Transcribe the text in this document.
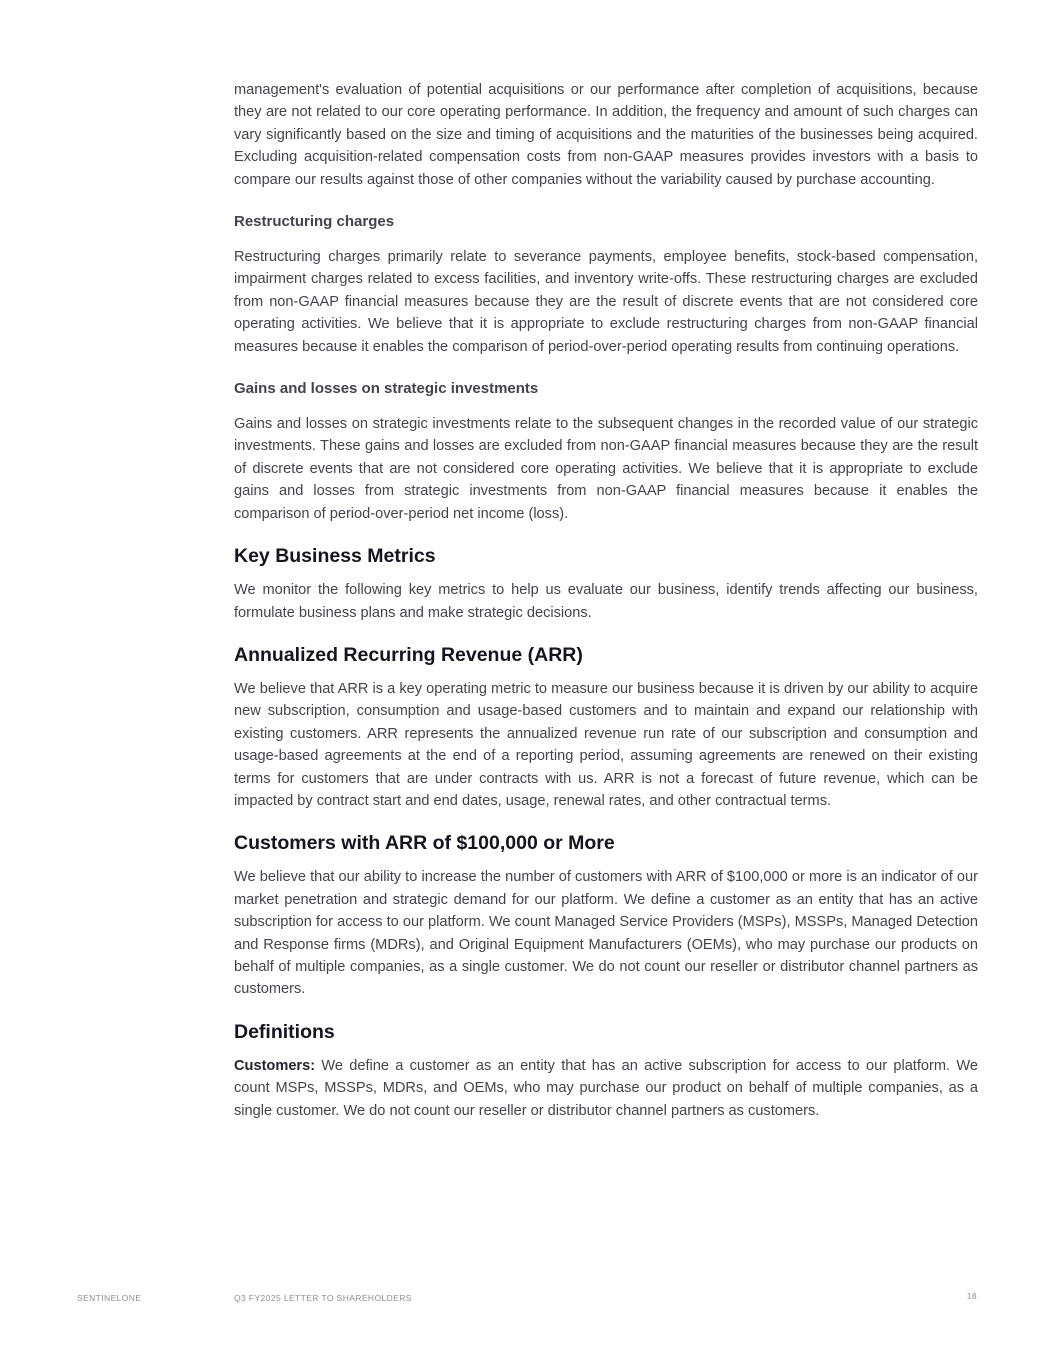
management's evaluation of potential acquisitions or our performance after completion of acquisitions, because they are not related to our core operating performance. In addition, the frequency and amount of such charges can vary significantly based on the size and timing of acquisitions and the maturities of the businesses being acquired. Excluding acquisition-related compensation costs from non-GAAP measures provides investors with a basis to compare our results against those of other companies without the variability caused by purchase accounting.

Restructuring charges

Restructuring charges primarily relate to severance payments, employee benefits, stock-based compensation, impairment charges related to excess facilities, and inventory write-offs. These restructuring charges are excluded from non-GAAP financial measures because they are the result of discrete events that are not considered core operating activities. We believe that it is appropriate to exclude restructuring charges from non-GAAP financial measures because it enables the comparison of period-over-period operating results from continuing operations.

Gains and losses on strategic investments

Gains and losses on strategic investments relate to the subsequent changes in the recorded value of our strategic investments. These gains and losses are excluded from non-GAAP financial measures because they are the result of discrete events that are not considered core operating activities. We believe that it is appropriate to exclude gains and losses from strategic investments from non-GAAP financial measures because it enables the comparison of period-over-period net income (loss).

Key Business Metrics

We monitor the following key metrics to help us evaluate our business, identify trends affecting our business, formulate business plans and make strategic decisions.

Annualized Recurring Revenue (ARR)

We believe that ARR is a key operating metric to measure our business because it is driven by our ability to acquire new subscription, consumption and usage-based customers and to maintain and expand our relationship with existing customers. ARR represents the annualized revenue run rate of our subscription and consumption and usage-based agreements at the end of a reporting period, assuming agreements are renewed on their existing terms for customers that are under contracts with us. ARR is not a forecast of future revenue, which can be impacted by contract start and end dates, usage, renewal rates, and other contractual terms.

Customers with ARR of $100,000 or More

We believe that our ability to increase the number of customers with ARR of $100,000 or more is an indicator of our market penetration and strategic demand for our platform. We define a customer as an entity that has an active subscription for access to our platform. We count Managed Service Providers (MSPs), MSSPs, Managed Detection and Response firms (MDRs), and Original Equipment Manufacturers (OEMs), who may purchase our products on behalf of multiple companies, as a single customer. We do not count our reseller or distributor channel partners as customers.

Definitions

Customers: We define a customer as an entity that has an active subscription for access to our platform. We count MSPs, MSSPs, MDRs, and OEMs, who may purchase our product on behalf of multiple companies, as a single customer. We do not count our reseller or distributor channel partners as customers.

SENTINELONE	Q3 FY2025 LETTER TO SHAREHOLDERS	18
